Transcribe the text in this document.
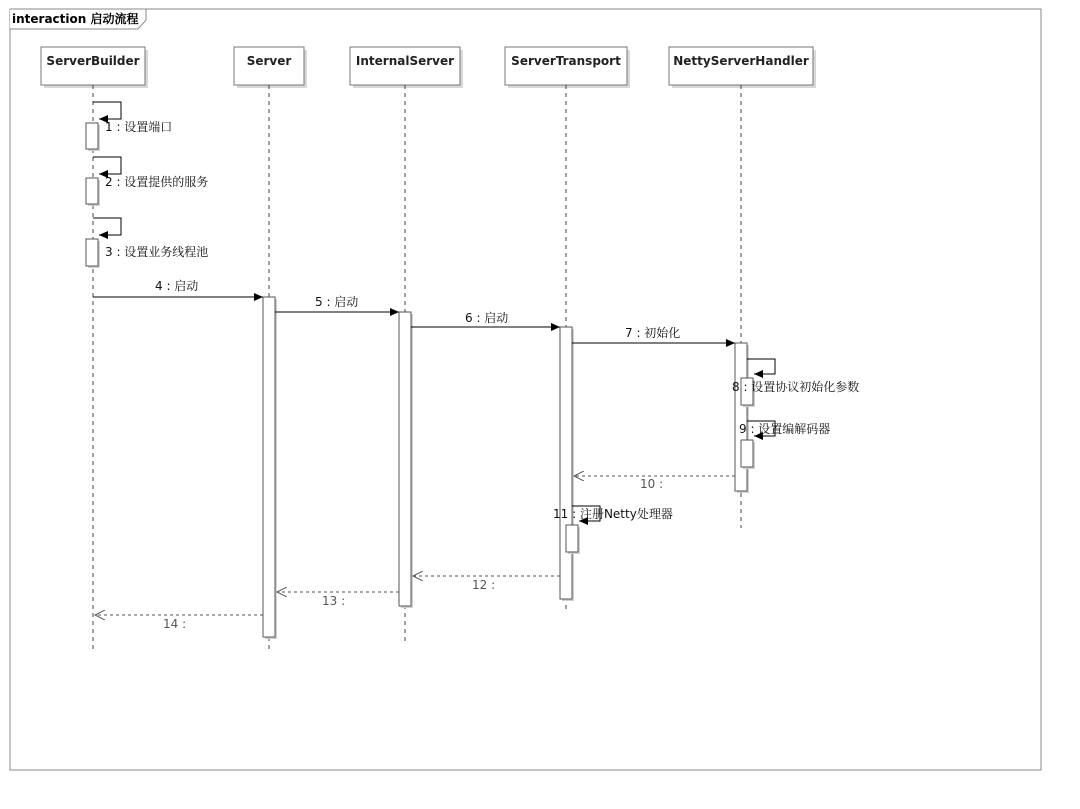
interaction 启动流程
ServerBuilder	Server	InternalServer	ServerTransport	NettyServerHandler
1 : 设置端口
2 : 设置提供的服务
3 : 设置业务线程池
4 : 启动
5 : 启动
6 : 启动
7 : 初始化
8 : 设置协议初始化参数
9 : 设置编解码器
10 :
11 : 注册Netty处理器
12 :
13 :
14 :
